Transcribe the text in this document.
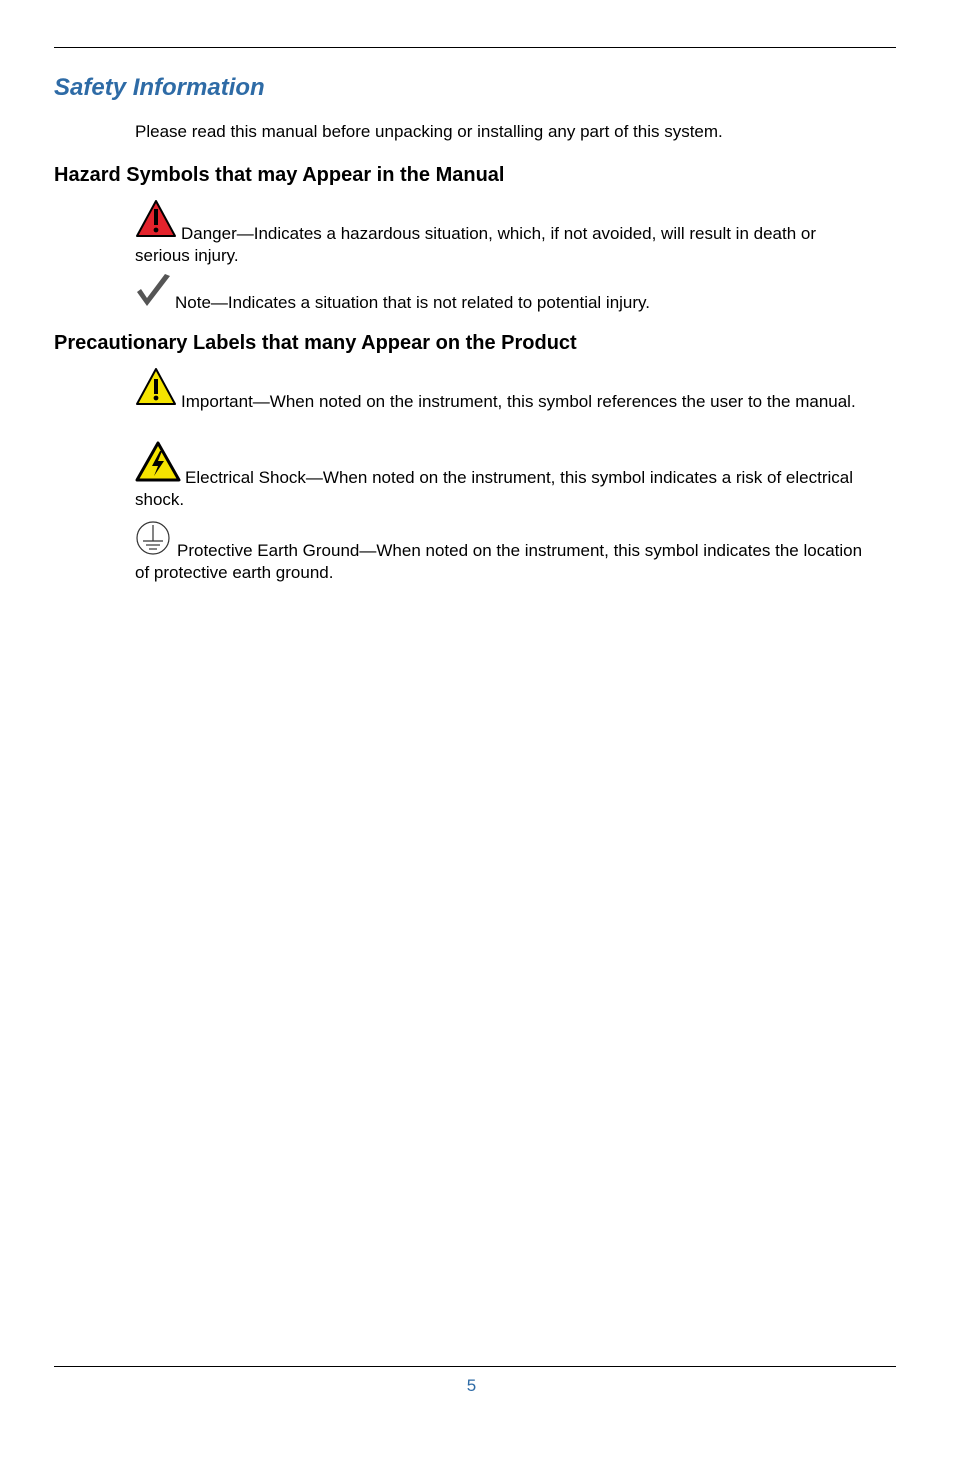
Safety Information

Please read this manual before unpacking or installing any part of this system.

Hazard Symbols that may Appear in the Manual
Danger—Indicates a hazardous situation, which, if not avoided, will result in death or serious injury.
Note—Indicates a situation that is not related to potential injury.
Precautionary Labels that many Appear on the Product
Important—When noted on the instrument, this symbol references the user to the manual.
Electrical Shock—When noted on the instrument, this symbol indicates a risk of electrical shock.
Protective Earth Ground—When noted on the instrument, this symbol indicates the location of protective earth ground.
5
